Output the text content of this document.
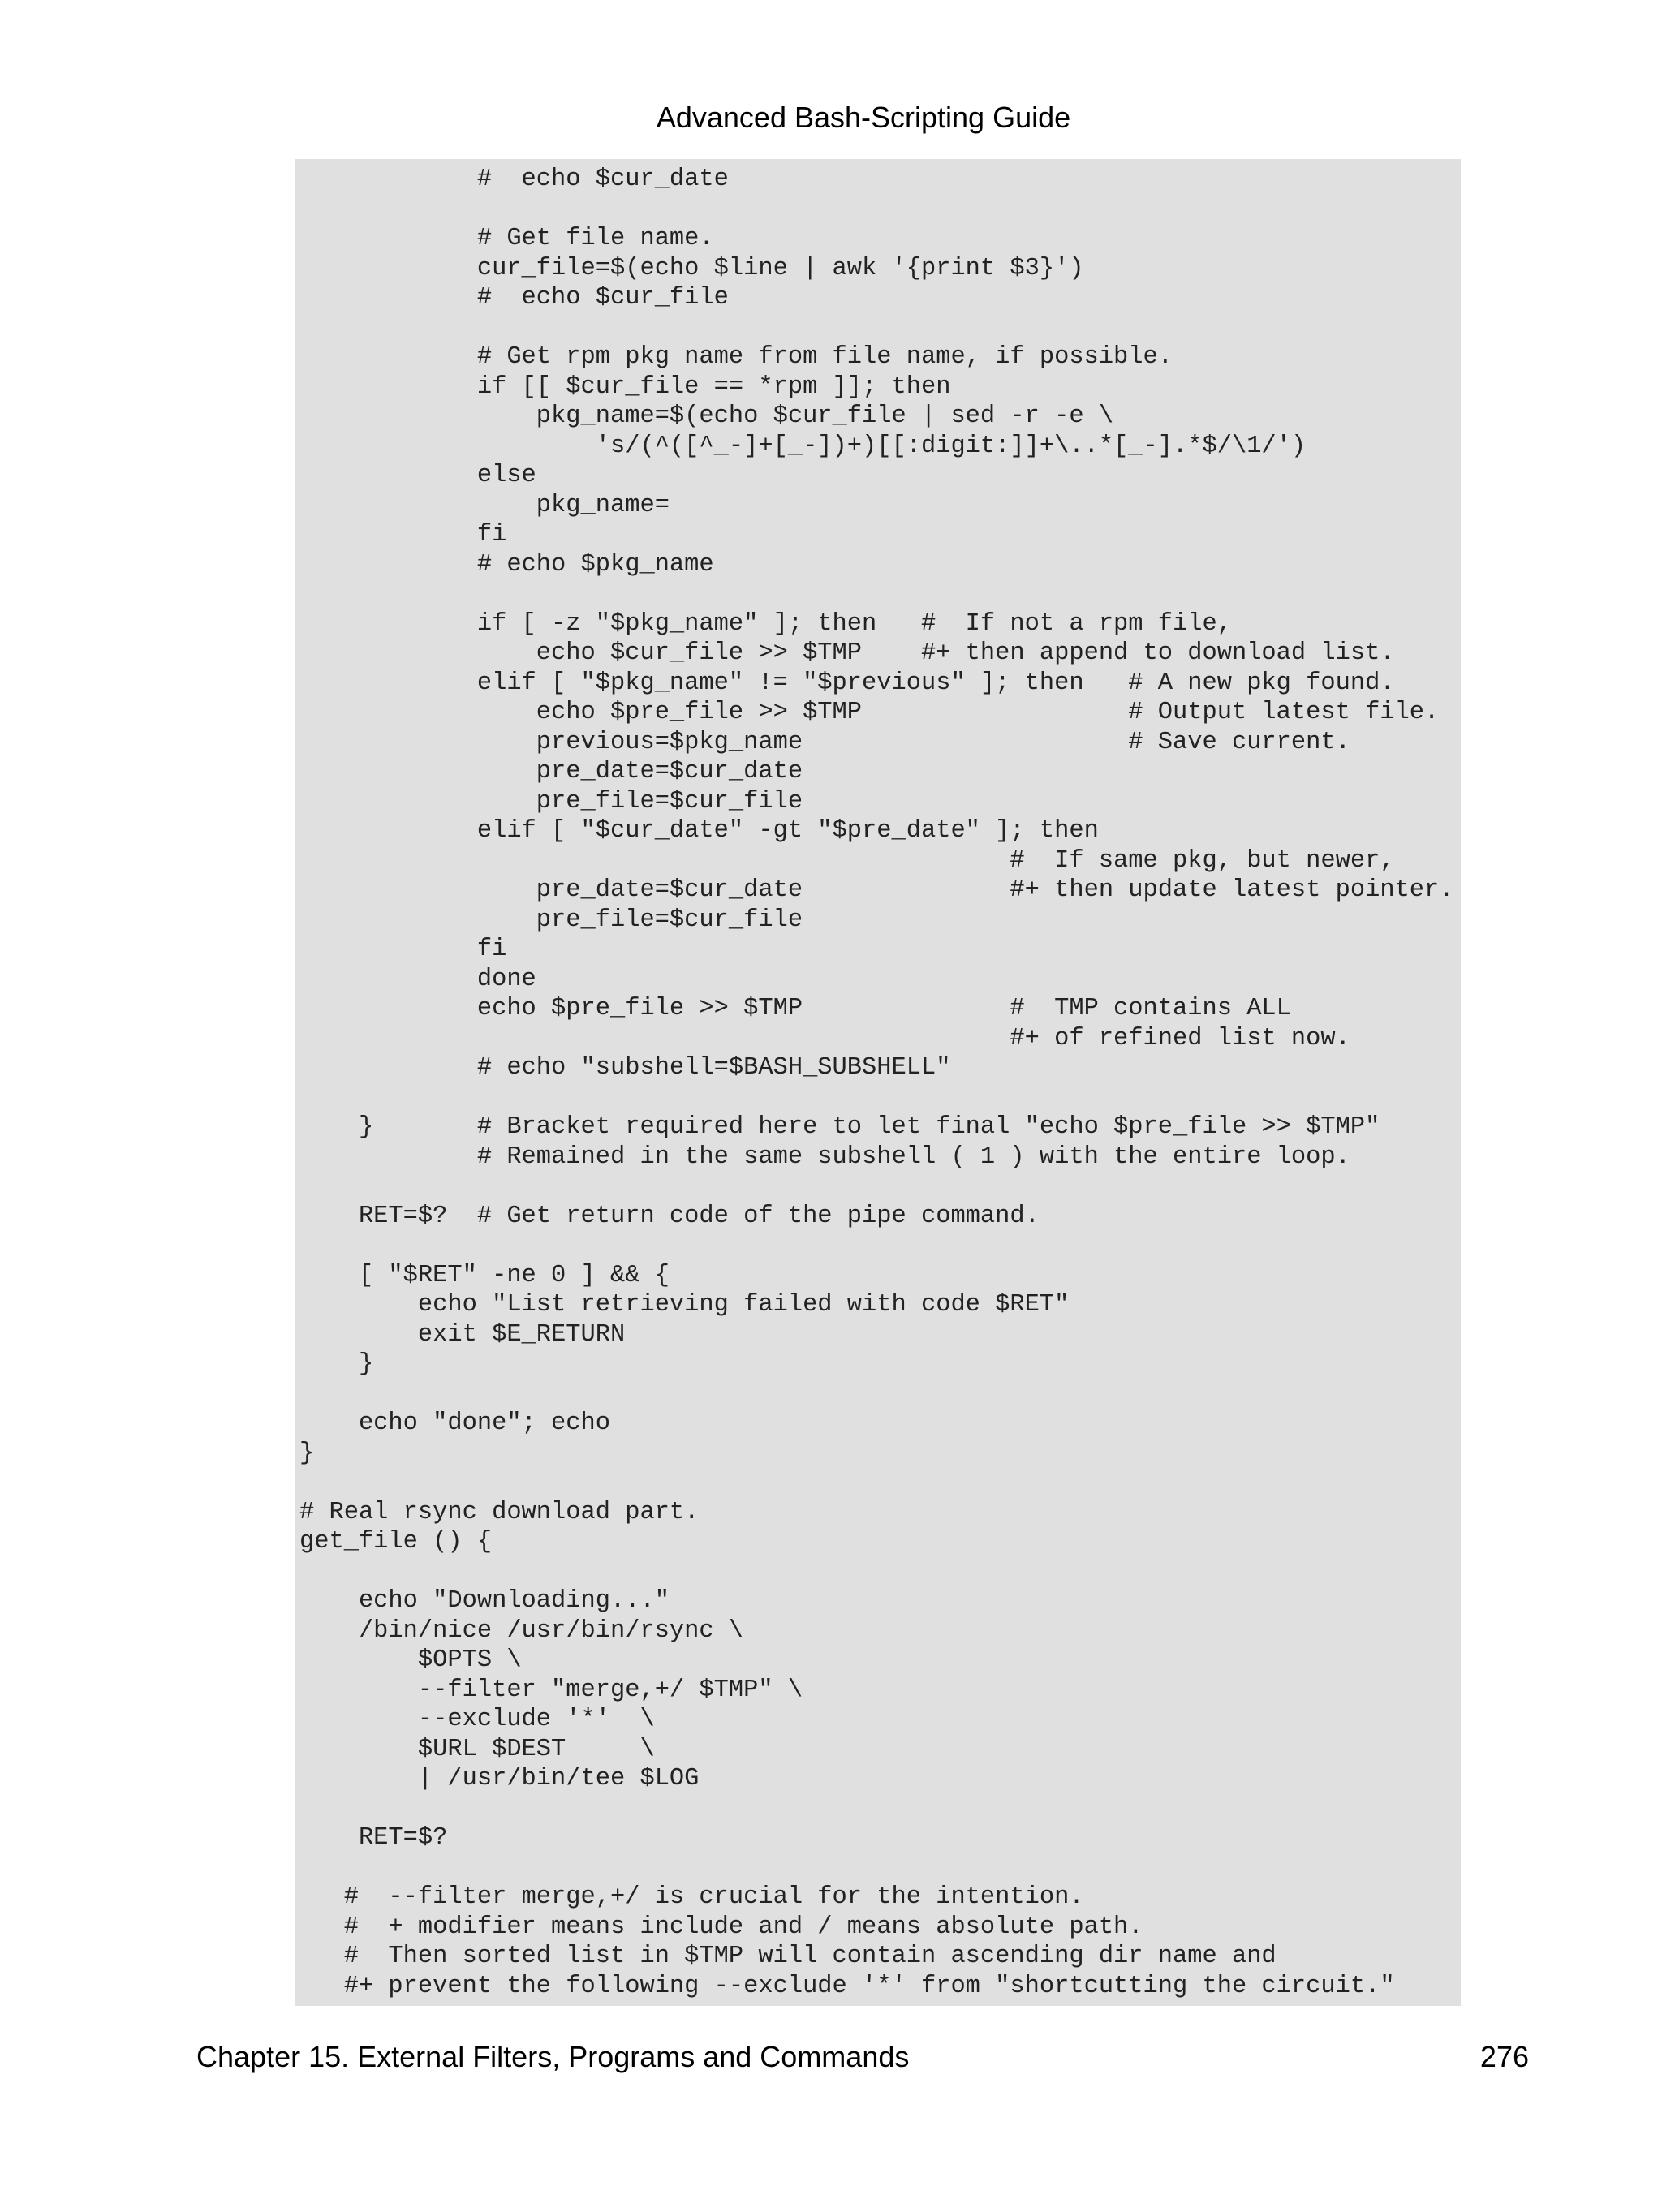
Advanced Bash-Scripting Guide
#  echo $cur_date
# Get file name.
cur_file=$(echo $line | awk '{print $3}')
#  echo $cur_file
# Get rpm pkg name from file name, if possible.
if [[ $cur_file == *rpm ]]; then
pkg_name=$(echo $cur_file | sed -r -e \
's/(^([^_-]+[_-])+)[[:digit:]]+\..*[_-].*$/\1/')
else
pkg_name=
fi
# echo $pkg_name
if [ -z "$pkg_name" ]; then   #  If not a rpm file,
echo $cur_file >> $TMP    #+ then append to download list.
elif [ "$pkg_name" != "$previous" ]; then   # A new pkg found.
echo $pre_file >> $TMP                  # Output latest file.
previous=$pkg_name                      # Save current.
pre_date=$cur_date
pre_file=$cur_file
elif [ "$cur_date" -gt "$pre_date" ]; then
#  If same pkg, but newer,
pre_date=$cur_date              #+ then update latest pointer.
pre_file=$cur_file
fi
done
echo $pre_file >> $TMP              #  TMP contains ALL
#+ of refined list now.
# echo "subshell=$BASH_SUBSHELL"
}       # Bracket required here to let final "echo $pre_file >> $TMP"
# Remained in the same subshell ( 1 ) with the entire loop.
RET=$?  # Get return code of the pipe command.
[ "$RET" -ne 0 ] && {
echo "List retrieving failed with code $RET"
exit $E_RETURN
}
echo "done"; echo
}
# Real rsync download part.
get_file () {
echo "Downloading..."
/bin/nice /usr/bin/rsync \
$OPTS \
--filter "merge,+/ $TMP" \
--exclude '*'  \
$URL $DEST     \
| /usr/bin/tee $LOG
RET=$?
#  --filter merge,+/ is crucial for the intention.
#  + modifier means include and / means absolute path.
#  Then sorted list in $TMP will contain ascending dir name and
#+ prevent the following --exclude '*' from "shortcutting the circuit."
Chapter 15. External Filters, Programs and Commands	276
